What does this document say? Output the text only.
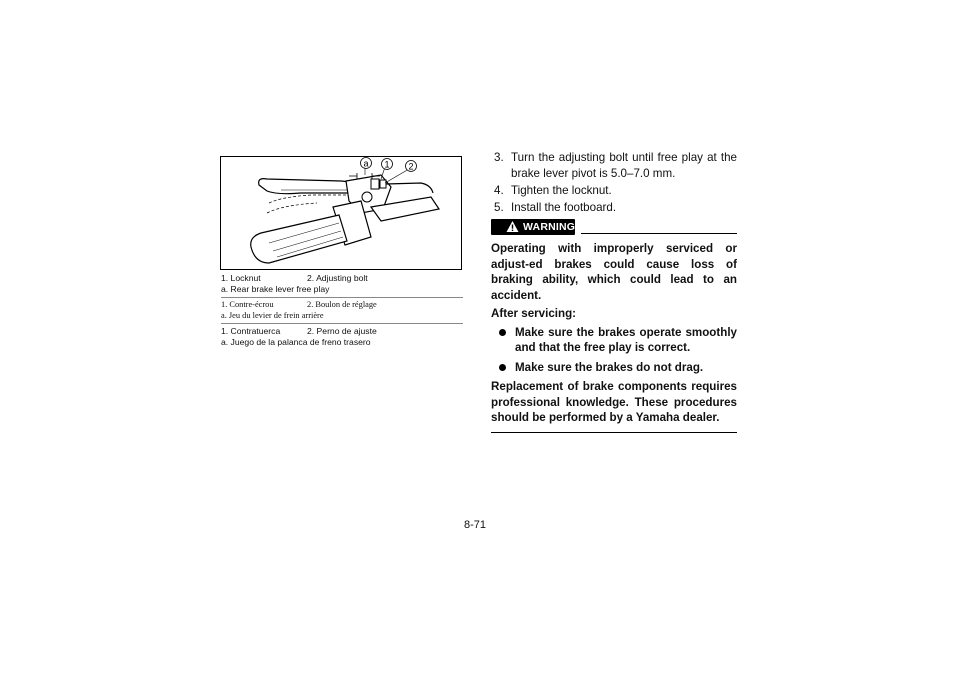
a 1 2
1. Locknut	2. Adjusting bolt
a. Rear brake lever free play
1. Contre-écrou	2. Boulon de réglage
a. Jeu du levier de frein arrière
1. Contratuerca	2. Perno de ajuste
a. Juego de la palanca de freno trasero
3. Turn the adjusting bolt until free play at the brake lever pivot is 5.0–7.0 mm.
4. Tighten the locknut.
5. Install the footboard.
WARNING
Operating with improperly serviced or adjust-ed brakes could cause loss of braking ability, which could lead to an accident.
After servicing:
Make sure the brakes operate smoothly and that the free play is correct.
Make sure the brakes do not drag.
Replacement of brake components requires professional knowledge. These procedures should be performed by a Yamaha dealer.
8-71
